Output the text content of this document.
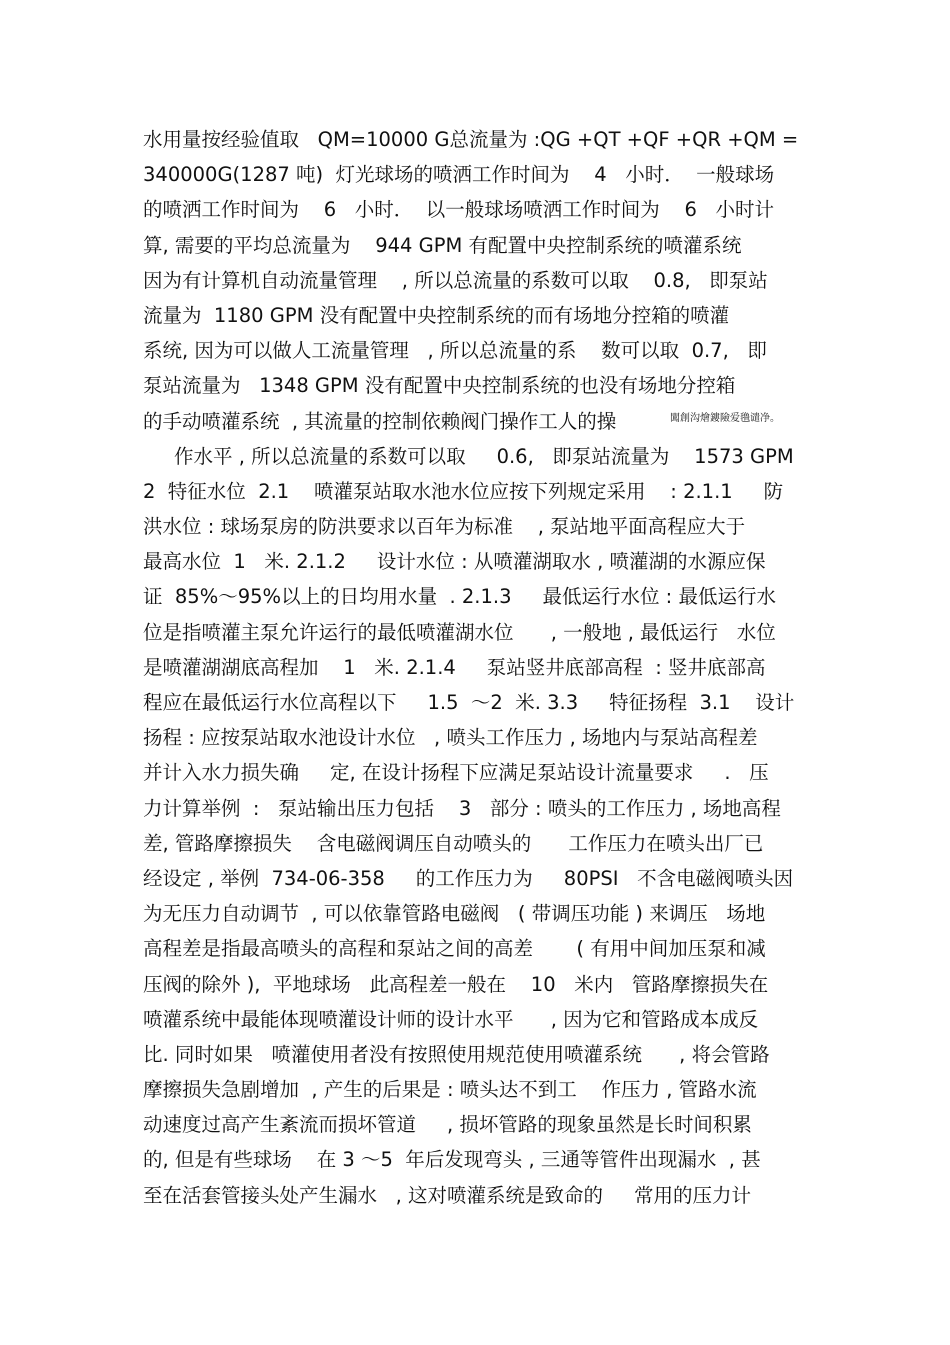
水用量按经验值取   QM=10000 G总流量为 :QG +QT +QF +QR +QM =
340000G(1287 吨)  灯光球场的喷洒工作时间为    4   小时．  一般球场
的喷洒工作时间为    6   小时．  以一般球场喷洒工作时间为    6   小时计
算, 需要的平均总流量为    944 GPM 有配置中央控制系统的喷灌系统
因为有计算机自动流量管理    , 所以总流量的系数可以取    0.8,   即泵站
流量为  1180 GPM 没有配置中央控制系统的而有场地分控箱的喷灌
系统, 因为可以做人工流量管理   , 所以总流量的系    数可以取  0.7,   即
泵站流量为   1348 GPM 没有配置中央控制系统的也没有场地分控箱
的手动喷灌系统  , 其流量的控制依赖阀门操作工人的操
作水平 , 所以总流量的系数可以取     0.6,   即泵站流量为    1573 GPM
2  特征水位  2.1    喷灌泵站取水池水位应按下列规定采用    : 2.1.1     防
洪水位 : 球场泵房的防洪要求以百年为标准    , 泵站地平面高程应大于
最高水位  1   米. 2.1.2     设计水位 : 从喷灌湖取水 , 喷灌湖的水源应保
证  85%～95%以上的日均用水量  . 2.1.3     最低运行水位 : 最低运行水
位是指喷灌主泵允许运行的最低喷灌湖水位      , 一般地 , 最低运行   水位
是喷灌湖湖底高程加    1   米. 2.1.4     泵站竖井底部高程  : 竖井底部高
程应在最低运行水位高程以下     1.5  ～2  米. 3.3     特征扬程  3.1    设计
扬程 : 应按泵站取水池设计水位   , 喷头工作压力 , 场地内与泵站高程差
并计入水力损失确     定, 在设计扬程下应满足泵站设计流量要求     .   压
力计算举例  :   泵站输出压力包括    3   部分 : 喷头的工作压力 , 场地高程
差, 管路摩擦损失    含电磁阀调压自动喷头的      工作压力在喷头出厂已
经设定 , 举例  734-06-358     的工作压力为     80PSI   不含电磁阀喷头因
为无压力自动调节  , 可以依靠管路电磁阀   ( 带调压功能 ) 来调压   场地
高程差是指最高喷头的高程和泵站之间的高差       ( 有用中间加压泵和减
压阀的除外 ),  平地球场   此高程差一般在    10   米内   管路摩擦损失在
喷灌系统中最能体现喷灌设计师的设计水平      , 因为它和管路成本成反
比. 同时如果   喷灌使用者没有按照使用规范使用喷灌系统      , 将会管路
摩擦损失急剧增加  , 产生的后果是 : 喷头达不到工    作压力 , 管路水流
动速度过高产生紊流而损坏管道     , 损坏管路的现象虽然是长时间积累
的, 但是有些球场    在 3 ～5  年后发现弯头 , 三通等管件出现漏水  , 甚
至在活套管接头处产生漏水   , 这对喷灌系统是致命的     常用的压力计
闖創沟燴鏤險爱氇谴净。
